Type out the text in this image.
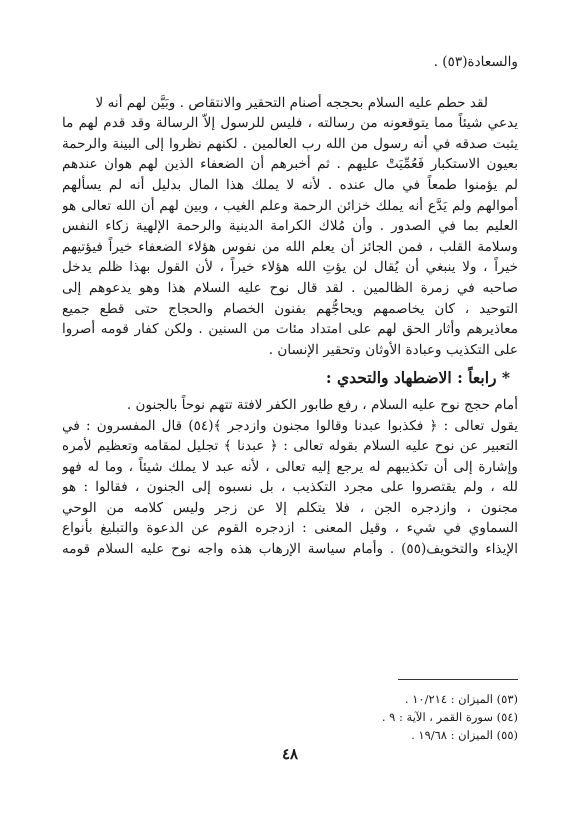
والسعادة(٥٣) .
لقد حطم عليه السلام بحججه أصنام التحقير والانتقاص . وبَيَّن لهم أنه لا
يدعي شيئاً مما يتوقعونه من رسالته ، فليس للرسول إلاّ الرسالة وقد قدم لهم ما
يثبت صدقه في أنه رسول من الله رب العالمين . لكنهم نظروا إلى البينة والرحمة
بعيون الاستكبار فَعُمِّيَتْ عليهم . ثم أخبرهم أن الضعفاء الذين لهم هوان عندهم
لم يؤمنوا طمعاً في مال عنده . لأنه لا يملك هذا المال بدليل أنه لم يسألهم
أموالهم ولم يَدَّع أنه يملك خزائن الرحمة وعلم الغيب ، وبين لهم أن الله تعالى هو
العليم بما في الصدور . وأن مُلاك الكرامة الدينية والرحمة الإلهية زكاء النفس
وسلامة القلب ، فمن الجائز أن يعلم الله من نفوس هؤلاء الضعفاء خيراً فيؤتيهم
خيراً ، ولا ينبغي أن يُقال لن يؤتِ الله هؤلاء خيراً ، لأن القول بهذا ظلم يدخل
صاحبه في زمرة الظالمين . لقد قال نوح عليه السلام هذا وهو يدعوهم إلى
التوحيد ، كان يخاصمهم ويحاجُّهم بفنون الخصام والحجاج حتى قطع جميع
معاذيرهم وأثار الحق لهم على امتداد مئات من السنين . ولكن كفار قومه أصروا
على التكذيب وعبادة الأوثان وتحقير الإنسان .
* رابعاً : الاضطهاد والتحدي :
أمام حجج نوح عليه السلام ، رفع طابور الكفر لافتة تتهم نوحاً بالجنون .
يقول تعالى : ﴿ فكذبوا عبدنا وقالوا مجنون وازدجر ﴾(٥٤) قال المفسرون : في
التعبير عن نوح عليه السلام بقوله تعالى : ﴿ عبدنا ﴾ تجليل لمقامه وتعظيم لأمره
وإشارة إلى أن تكذيبهم له يرجع إليه تعالى ، لأنه عبد لا يملك شيئاً ، وما له فهو
لله ، ولم يقتصروا على مجرد التكذيب ، بل نسبوه إلى الجنون ، فقالوا : هو
مجنون ، وازدجره الجن ، فلا يتكلم إلا عن زجر وليس كلامه من الوحي
السماوي في شيء ، وقيل المعنى : ازدجره القوم عن الدعوة والتبليغ بأنواع
الإيذاء والتخويف(٥٥) . وأمام سياسة الإرهاب هذه واجه نوح عليه السلام قومه
(٥٣) الميزان : ١٠/٢١٤ .
(٥٤) سورة القمر ، الآية : ٩ .
(٥٥) الميزان : ١٩/٦٨ .
٤٨
